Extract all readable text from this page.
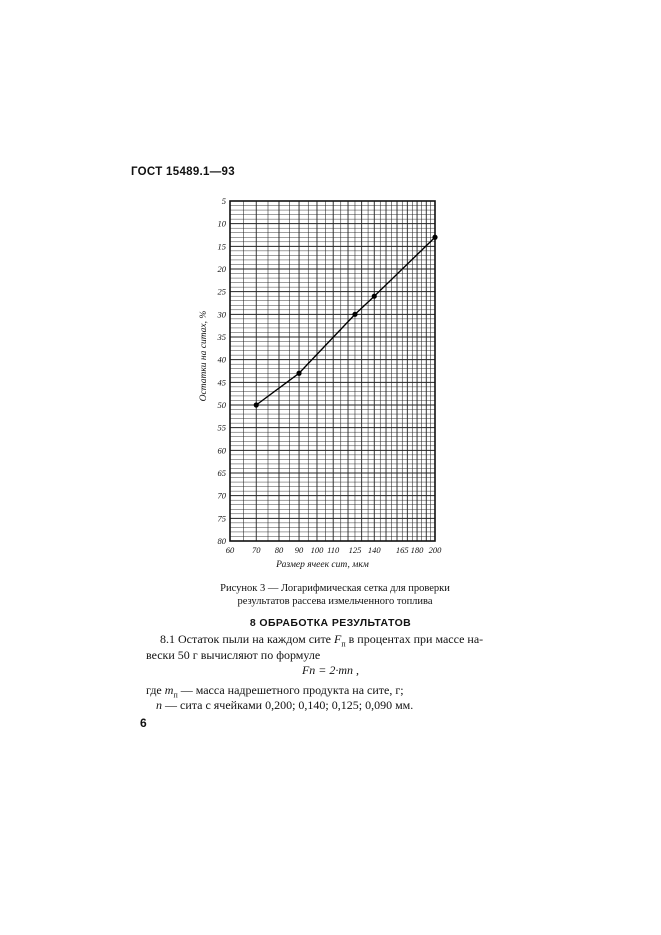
ГОСТ 15489.1—93
5
10
15
20
25
30
35
40
45
50
55
60
65
70
75
80
60 70 80 90 100 110 125 140 165 180 200
Размер ячеек сит, мкм
Остатки на ситах, %
Рисунок 3 — Логарифмическая сетка для проверки
результатов рассева измельченного топлива
8 ОБРАБОТКА РЕЗУЛЬТАТОВ
8.1 Остаток пыли на каждом сите $F_п$ в процентах при массе на-
вески 50 г вычисляют по формуле
Fп = 2·mп ,
где $m_п$ — масса надрешетного продукта на сите, г;
n — сита с ячейками 0,200; 0,140; 0,125; 0,090 мм.
6
